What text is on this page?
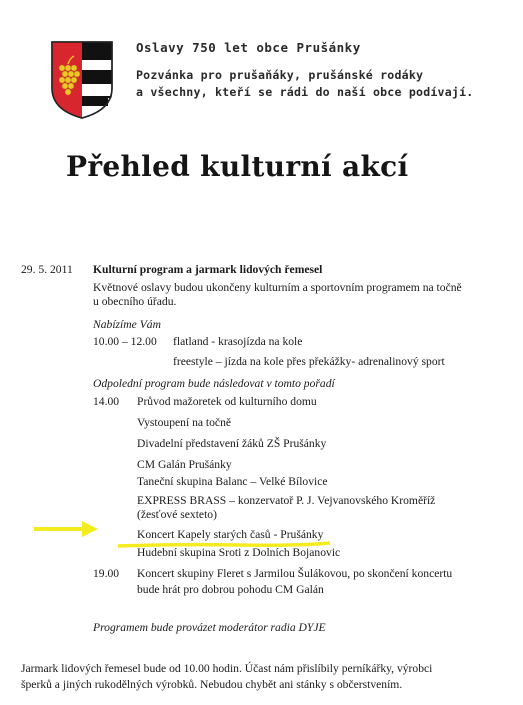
Oslavy 750 let obce Prušánky
Pozvánka pro prušaňáky, prušánské rodáky
a všechny, kteří se rádi do naší obce podívají.
Přehled kulturní akcí
29. 5. 2011 Kulturní program a jarmark lidových řemesel
Květnové oslavy budou ukončeny kulturním a sportovním programem na točně
u obecního úřadu.
Nabízíme Vám
10.00 – 12.00 flatland - krasojízda na kole
freestyle – jízda na kole přes překážky- adrenalinový sport
Odpolední program bude následovat v tomto pořadí
14.00 Průvod mažoretek od kulturního domu
Vystoupení na točně
Divadelní představení žáků ZŠ Prušánky
CM Galán Prušánky
Taneční skupina Balanc – Velké Bílovice
EXPRESS BRASS – konzervatoř P. J. Vejvanovského Kroměříž
(žesťové sexteto)
Koncert Kapely starých časů - Prušánky
Hudební skupina Sroti z Dolních Bojanovic
19.00 Koncert skupiny Fleret s Jarmilou Šulákovou, po skončení koncertu
bude hrát pro dobrou pohodu CM Galán
Programem bude provázet moderátor radia DYJE
Jarmark lidových řemesel bude od 10.00 hodin. Účast nám přislíbily perníkářky, výrobci
šperků a jiných rukodělných výrobků. Nebudou chybět ani stánky s občerstvením.
